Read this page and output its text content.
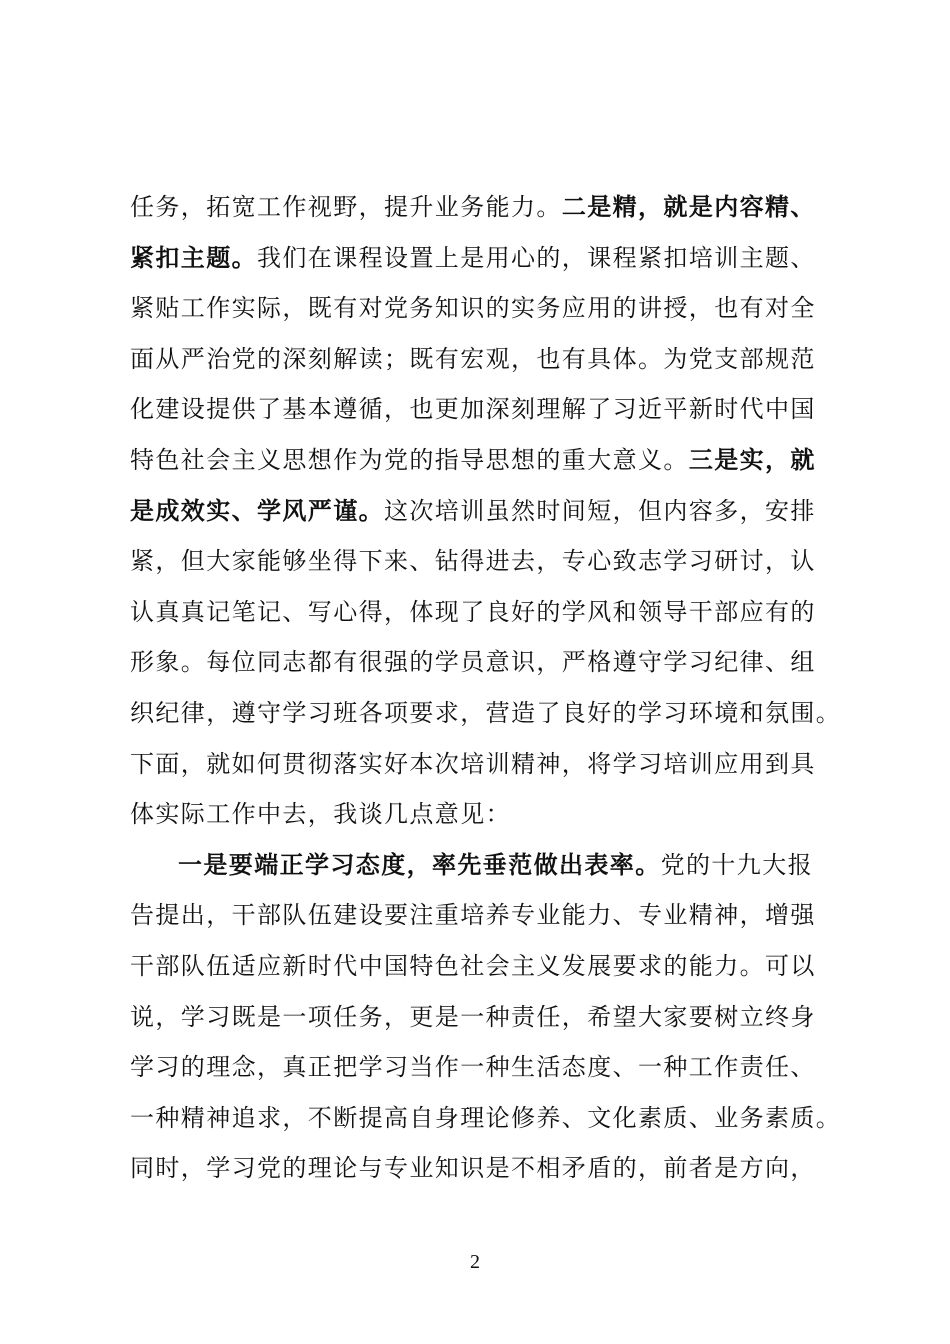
任务，拓宽工作视野，提升业务能力。二是精，就是内容精、
紧扣主题。我们在课程设置上是用心的，课程紧扣培训主题、
紧贴工作实际，既有对党务知识的实务应用的讲授，也有对全
面从严治党的深刻解读；既有宏观，也有具体。为党支部规范
化建设提供了基本遵循，也更加深刻理解了习近平新时代中国
特色社会主义思想作为党的指导思想的重大意义。三是实，就
是成效实、学风严谨。这次培训虽然时间短，但内容多，安排
紧，但大家能够坐得下来、钻得进去，专心致志学习研讨，认
认真真记笔记、写心得，体现了良好的学风和领导干部应有的
形象。每位同志都有很强的学员意识，严格遵守学习纪律、组
织纪律，遵守学习班各项要求，营造了良好的学习环境和氛围。
下面，就如何贯彻落实好本次培训精神，将学习培训应用到具
体实际工作中去，我谈几点意见：
一是要端正学习态度，率先垂范做出表率。党的十九大报
告提出，干部队伍建设要注重培养专业能力、专业精神，增强
干部队伍适应新时代中国特色社会主义发展要求的能力。可以
说，学习既是一项任务，更是一种责任，希望大家要树立终身
学习的理念，真正把学习当作一种生活态度、一种工作责任、
一种精神追求，不断提高自身理论修养、文化素质、业务素质。
同时，学习党的理论与专业知识是不相矛盾的，前者是方向，
2
